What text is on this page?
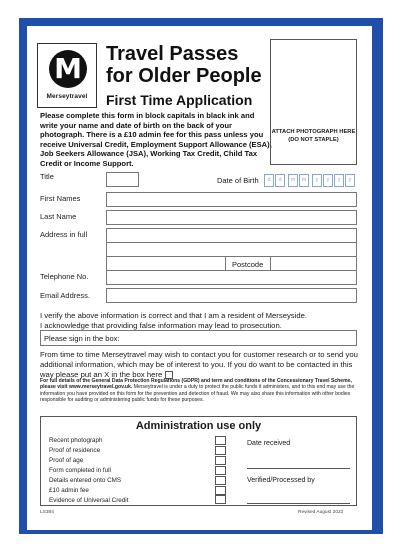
M
Merseytravel
Travel Passes for Older People
First Time Application
Please complete this form in block capitals in black ink and write your name and date of birth on the back of your photograph. There is a £10 admin fee for this pass unless you receive Universal Credit, Employment Support Allowance (ESA), Job Seekers Allowance (JSA), Working Tax Credit, Child Tax Credit or Income Support.
ATTACH PHOTOGRAPH HERE
(DO NOT STAPLE)
Title	Date of Birth	d	d	m	m	y	y	y	y
First Names
Last Name
Address in full
Postcode
Telephone No.
Email Address.
I verify the above information is correct and that I am a resident of Merseyside.
I acknowledge that providing false information may lead to prosecution.
Please sign in the box:
From time to time Merseytravel may wish to contact you for customer research or to send you additional information, which may be of interest to you. If you do want to be contacted in this way please put an X in the box here
For full details of the General Data Protection Regulations (GDPR) and term and conditions of the Concessionary Travel Scheme, please visit www.merseytravel.gov.uk. Merseytravel is under a duty to protect the public funds it administers, and to this end may use the information you have provided on this form for the prevention and detection of fraud. We may also share this information with other bodies responsible for auditing or administering public funds for these purposes.
Administration use only
Recent photograph
Proof of residence
Proof of age
Form completed in full
Details entered onto CMS
£10 admin fee
Evidence of Universal Credit
Date received
Verified/Processed by
LS384	Revised August 2022
